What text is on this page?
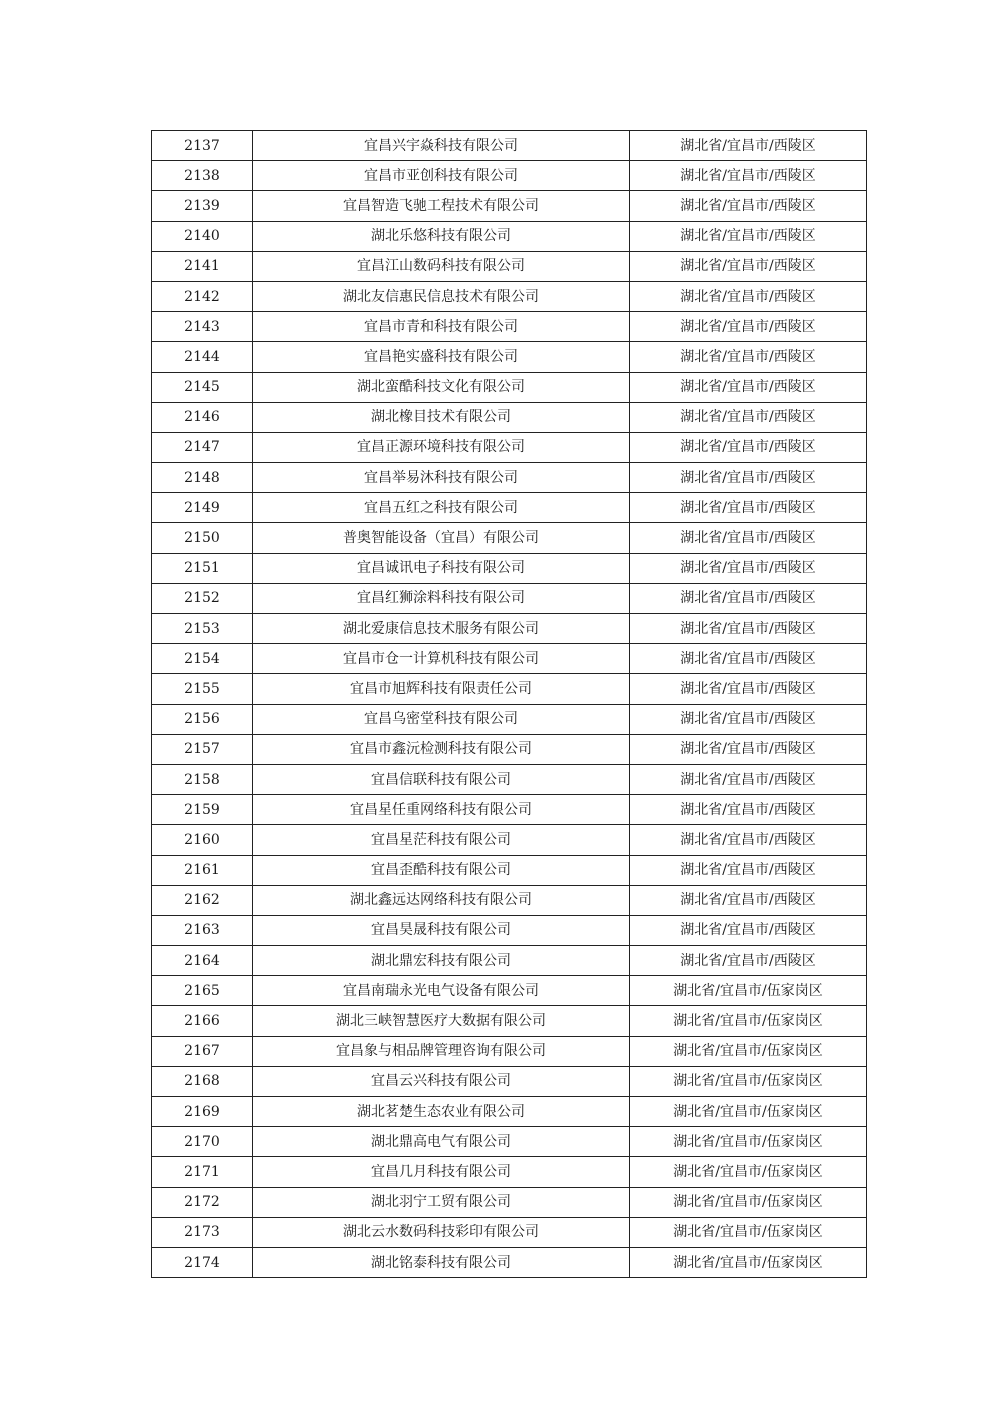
2137	宜昌兴宇焱科技有限公司	湖北省/宜昌市/西陵区
2138	宜昌市亚创科技有限公司	湖北省/宜昌市/西陵区
2139	宜昌智造飞驰工程技术有限公司	湖北省/宜昌市/西陵区
2140	湖北乐悠科技有限公司	湖北省/宜昌市/西陵区
2141	宜昌江山数码科技有限公司	湖北省/宜昌市/西陵区
2142	湖北友信惠民信息技术有限公司	湖北省/宜昌市/西陵区
2143	宜昌市青和科技有限公司	湖北省/宜昌市/西陵区
2144	宜昌艳实盛科技有限公司	湖北省/宜昌市/西陵区
2145	湖北蛮酷科技文化有限公司	湖北省/宜昌市/西陵区
2146	湖北橡目技术有限公司	湖北省/宜昌市/西陵区
2147	宜昌正源环境科技有限公司	湖北省/宜昌市/西陵区
2148	宜昌举易沐科技有限公司	湖北省/宜昌市/西陵区
2149	宜昌五红之科技有限公司	湖北省/宜昌市/西陵区
2150	普奥智能设备（宜昌）有限公司	湖北省/宜昌市/西陵区
2151	宜昌诚讯电子科技有限公司	湖北省/宜昌市/西陵区
2152	宜昌红狮涂料科技有限公司	湖北省/宜昌市/西陵区
2153	湖北爱康信息技术服务有限公司	湖北省/宜昌市/西陵区
2154	宜昌市仓一计算机科技有限公司	湖北省/宜昌市/西陵区
2155	宜昌市旭辉科技有限责任公司	湖北省/宜昌市/西陵区
2156	宜昌乌密堂科技有限公司	湖北省/宜昌市/西陵区
2157	宜昌市鑫沅检测科技有限公司	湖北省/宜昌市/西陵区
2158	宜昌信联科技有限公司	湖北省/宜昌市/西陵区
2159	宜昌星任重网络科技有限公司	湖北省/宜昌市/西陵区
2160	宜昌星茫科技有限公司	湖北省/宜昌市/西陵区
2161	宜昌歪酷科技有限公司	湖北省/宜昌市/西陵区
2162	湖北鑫远达网络科技有限公司	湖北省/宜昌市/西陵区
2163	宜昌昊晟科技有限公司	湖北省/宜昌市/西陵区
2164	湖北鼎宏科技有限公司	湖北省/宜昌市/西陵区
2165	宜昌南瑞永光电气设备有限公司	湖北省/宜昌市/伍家岗区
2166	湖北三峡智慧医疗大数据有限公司	湖北省/宜昌市/伍家岗区
2167	宜昌象与相品牌管理咨询有限公司	湖北省/宜昌市/伍家岗区
2168	宜昌云兴科技有限公司	湖北省/宜昌市/伍家岗区
2169	湖北茗楚生态农业有限公司	湖北省/宜昌市/伍家岗区
2170	湖北鼎高电气有限公司	湖北省/宜昌市/伍家岗区
2171	宜昌几月科技有限公司	湖北省/宜昌市/伍家岗区
2172	湖北羽宁工贸有限公司	湖北省/宜昌市/伍家岗区
2173	湖北云水数码科技彩印有限公司	湖北省/宜昌市/伍家岗区
2174	湖北铭泰科技有限公司	湖北省/宜昌市/伍家岗区
